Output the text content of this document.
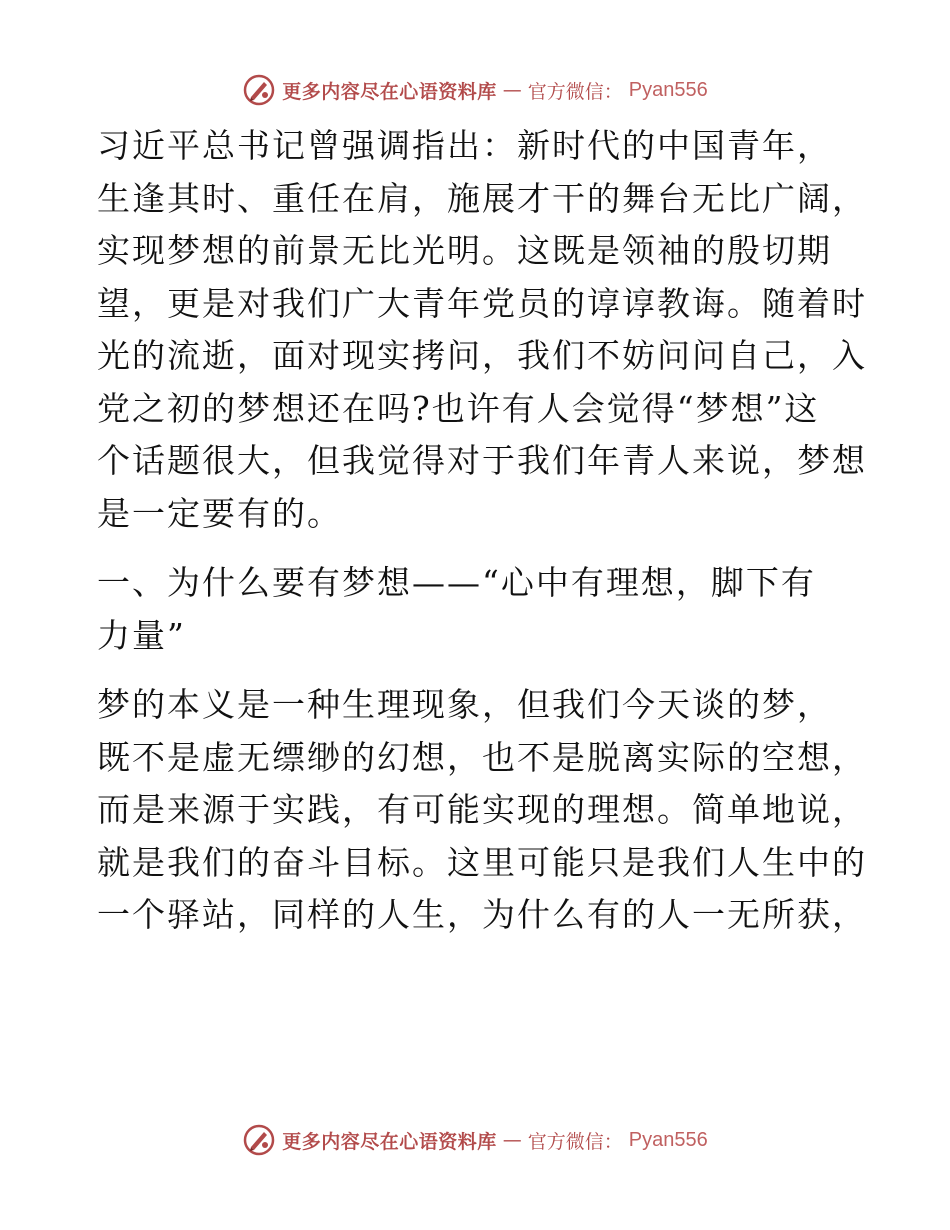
更多内容尽在心语资料库 — 官方微信： Pyan556
习近平总书记曾强调指出：新时代的中国青年，
生逢其时、重任在肩，施展才干的舞台无比广阔，
实现梦想的前景无比光明。这既是领袖的殷切期
望，更是对我们广大青年党员的谆谆教诲。随着时
光的流逝，面对现实拷问，我们不妨问问自己，入
党之初的梦想还在吗?也许有人会觉得“梦想”这
个话题很大，但我觉得对于我们年青人来说，梦想
是一定要有的。
一、为什么要有梦想——“心中有理想，脚下有
力量”
梦的本义是一种生理现象，但我们今天谈的梦，
既不是虚无缥缈的幻想，也不是脱离实际的空想，
而是来源于实践，有可能实现的理想。简单地说，
就是我们的奋斗目标。这里可能只是我们人生中的
一个驿站，同样的人生，为什么有的人一无所获，
更多内容尽在心语资料库 — 官方微信： Pyan556
